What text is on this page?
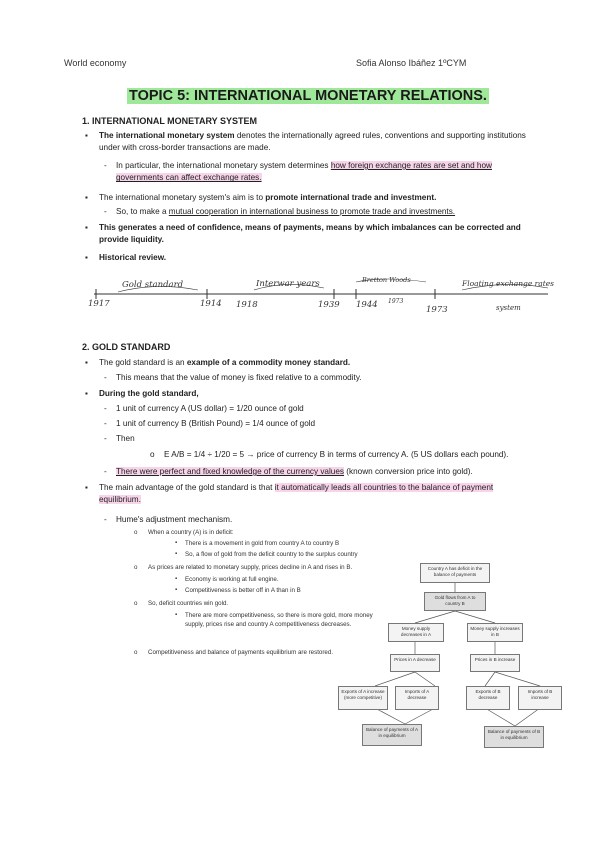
World economy	Sofia Alonso Ibáñez 1ºCYM
TOPIC 5: INTERNATIONAL MONETARY RELATIONS.
1. INTERNATIONAL MONETARY SYSTEM
▪ The international monetary system denotes the internationally agreed rules, conventions and supporting institutions under with cross-border transactions are made.
- In particular, the international monetary system determines how foreign exchange rates are set and how governments can affect exchange rates.
▪ The international monetary system's aim is to promote international trade and investment.
- So, to make a mutual cooperation in international business to promote trade and investments.
▪ This generates a need of confidence, means of payments, means by which imbalances can be corrected and provide liquidity.
▪ Historical review.
Gold standard	Interwar years	Bretton Woods	Floating exchange rates
system
1917	1914 1918	1939 1944 1973
1973
2. GOLD STANDARD
▪ The gold standard is an example of a commodity money standard.
- This means that the value of money is fixed relative to a commodity.
▪ During the gold standard,
- 1 unit of currency A (US dollar) = 1/20 ounce of gold
- 1 unit of currency B (British Pound) = 1/4 ounce of gold
- Then
o E A/B = 1/4 ÷ 1/20 = 5 → price of currency B in terms of currency A. (5 US dollars each pound).
- There were perfect and fixed knowledge of the currency values (known conversion price into gold).
▪ The main advantage of the gold standard is that it automatically leads all countries to the balance of payment equilibrium.
- Hume's adjustment mechanism.
o When a country (A) is in deficit:
▪ There is a movement in gold from country A to country B
▪ So, a flow of gold from the deficit country to the surplus country
o As prices are related to monetary supply, prices decline in A and rises in B.
▪ Economy is working at full engine.
▪ Competitiveness is better off in A than in B
o So, deficit countries win gold.
▪ There are more competitiveness, so there is more gold, more money supply, prices rise and country A competitiveness decreases.
o Competitiveness and balance of payments equilibrium are restored.
Country A has deficit in the balance of payments
Gold flows from A to country B
Money supply decreases in A
Money supply increases in B
Prices in A decrease	Prices in B increase
Exports of A increase (more competitive)
Imports of A decrease
Exports of B decrease
Imports of B increase
Balance of payments of A in equilibrium
Balance of payments of B in equilibrium
